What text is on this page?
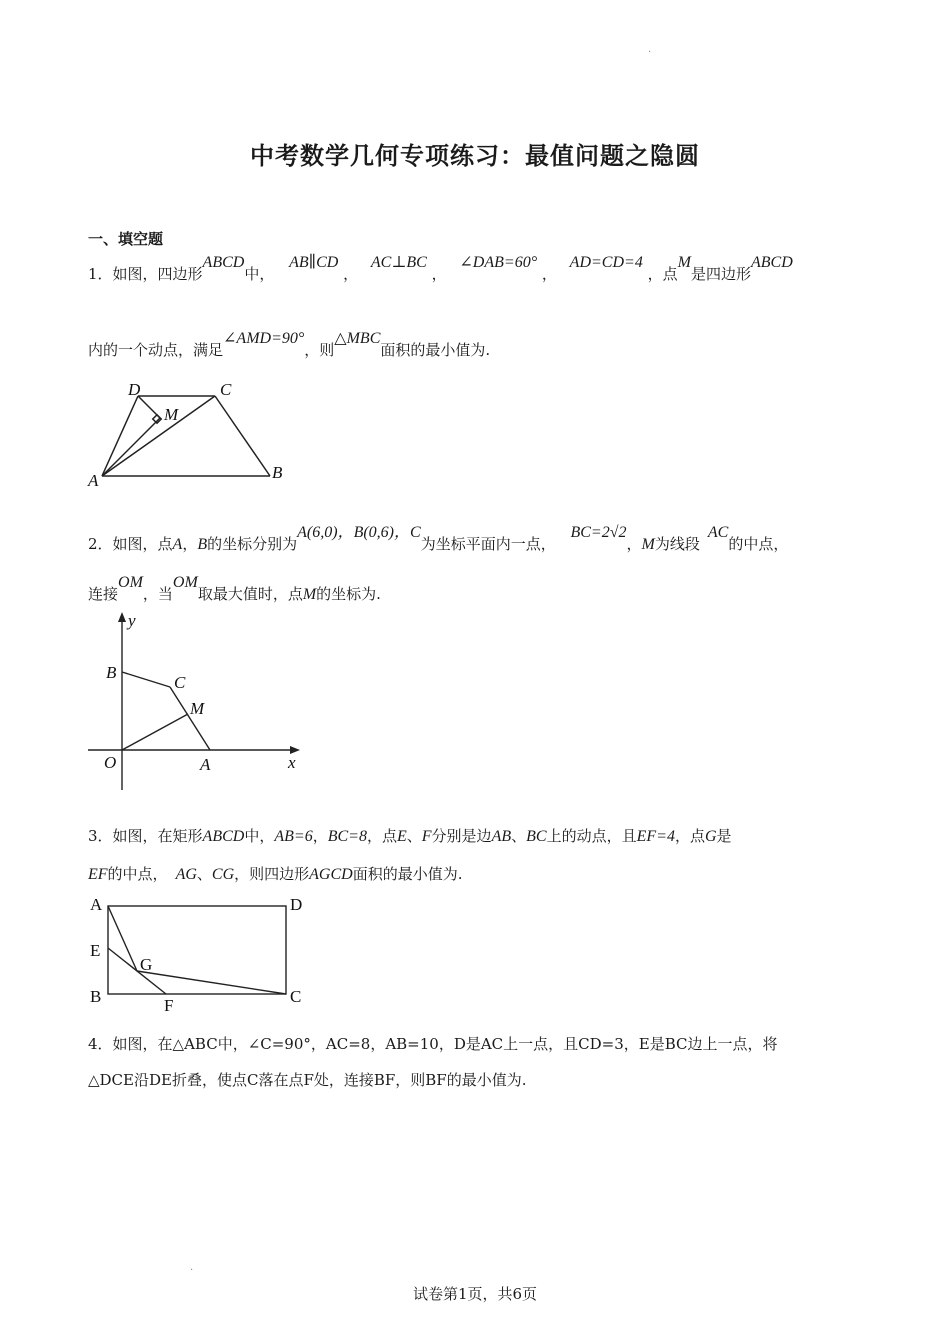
.
中考数学几何专项练习：最值问题之隐圆
一、填空题
1．如图，四边形ABCD中， AB∥CD ， AC⊥BC ， ∠DAB=60° ， AD=CD=4 ，点M是四边形ABCD
内的一个动点，满足∠AMD=90°，则△MBC面积的最小值为.
D	C
M
A	B
2．如图，点A，B的坐标分别为A(6,0)，B(0,6)，C为坐标平面内一点， BC=2√2，M为线段AC的中点，
连接OM，当OM取最大值时，点M的坐标为.
y
B
C
M
O	A	x
3．如图，在矩形ABCD中，AB=6，BC=8，点E、F分别是边AB、BC上的动点，且EF=4，点G是
EF的中点， AG、CG，则四边形AGCD面积的最小值为.
A	D
E
G
B	F	C
4．如图，在△ABC中，∠C=90°，AC=8，AB=10，D是AC上一点，且CD=3，E是BC边上一点，将
△DCE沿DE折叠，使点C落在点F处，连接BF，则BF的最小值为.
.
试卷第1页，共6页
